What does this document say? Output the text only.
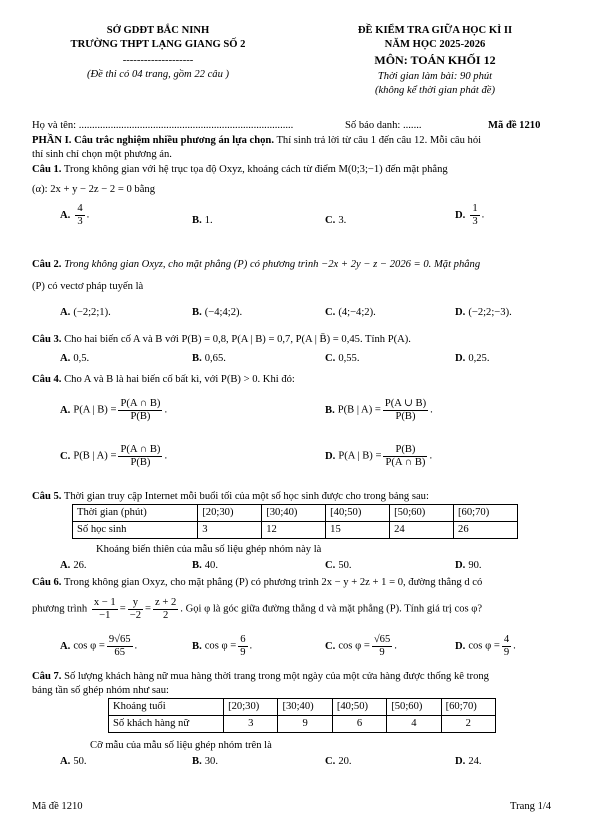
SỞ GDĐT BẮC NINH
TRƯỜNG THPT LẠNG GIANG SỐ 2
--------------------
(Đề thi có 04 trang, gồm 22 câu )
ĐỀ KIỂM TRA GIỮA HỌC KÌ II
NĂM HỌC 2025-2026
MÔN: TOÁN KHỐI 12
Thời gian làm bài: 90 phút
(không kể thời gian phát đề)
Họ và tên: .................................................................................	Số báo danh: .......	Mã đề 1210
PHẦN I. Câu trắc nghiệm nhiều phương án lựa chọn. Thí sinh trả lời từ câu 1 đến câu 12. Mỗi câu hỏi
thí sinh chỉ chọn một phương án.
Câu 1. Trong không gian với hệ trục tọa độ Oxyz, khoảng cách từ điểm M(0;3;−1) đến mặt phẳng
(α): 2x + y − 2z − 2 = 0 bằng
A. $\frac{4}{3}$ .	B. 1.	C. 3.	D. $\frac{1}{3}$ .
Câu 2. Trong không gian Oxyz, cho mặt phẳng (P) có phương trình −2x + 2y − z − 2026 = 0. Mặt phẳng
(P) có vectơ pháp tuyến là
A. (−2;2;1).	B. (−4;4;2).	C. (4;−4;2).	D. (−2;2;−3).
Câu 3. Cho hai biến cố A và B với P(B) = 0,8, P(A | B) = 0,7, P(A | B̄) = 0,45. Tính P(A).
A. 0,5.	B. 0,65.	C. 0,55.	D. 0,25.
Câu 4. Cho A và B là hai biến cố bất kì, với P(B) > 0. Khi đó:
A. P(A | $B) = \frac{P(A \cap B)}{P(B)}$ .	B. P(B | $A) = \frac{P(A \cup B)}{P(B)}$ .
C. P(B | $A) = \frac{P(A \cap B)}{P(B)}$ .	D. P(A | $B) = \frac{P(B)}{P(A \cap B)}$ .
Câu 5. Thời gian truy cập Internet mỗi buổi tối của một số học sinh được cho trong bảng sau:
Thời gian (phút)	[20;30)	[30;40)	[40;50)	[50;60)	[60;70)
Số học sinh	3	12	15	24	26
Khoảng biến thiên của mẫu số liệu ghép nhóm này là
A. 26.	B. 40.	C. 50.	D. 90.
Câu 6. Trong không gian Oxyz, cho mặt phẳng (P) có phương trình 2x − y + 2z + 1 = 0, đường thẳng d có
phương trình $\frac{x - 1}{-1} = \frac{y}{-2} = \frac{z + 2}{2}$ . Gọi φ là góc giữa đường thẳng d và mặt phẳng (P). Tính giá trị cos φ?
A. $\cos \varphi = \frac{9√65}{65}$ .	B. $\cos \varphi = \frac{6}{9}$ .	C. $\cos \varphi = \frac{√65}{9}$ .	D. $\cos \varphi = \frac{4}{9}$ .
Câu 7. Số lượng khách hàng nữ mua hàng thời trang trong một ngày của một cửa hàng được thống kê trong
bảng tần số ghép nhóm như sau:
Khoảng tuổi	[20;30)	[30;40)	[40;50)	[50;60)	[60;70)
Số khách hàng nữ	3	9	6	4	2
Cỡ mẫu của mẫu số liệu ghép nhóm trên là
A. 50.	B. 30.	C. 20.	D. 24.
Mã đề 1210	Trang 1/4
